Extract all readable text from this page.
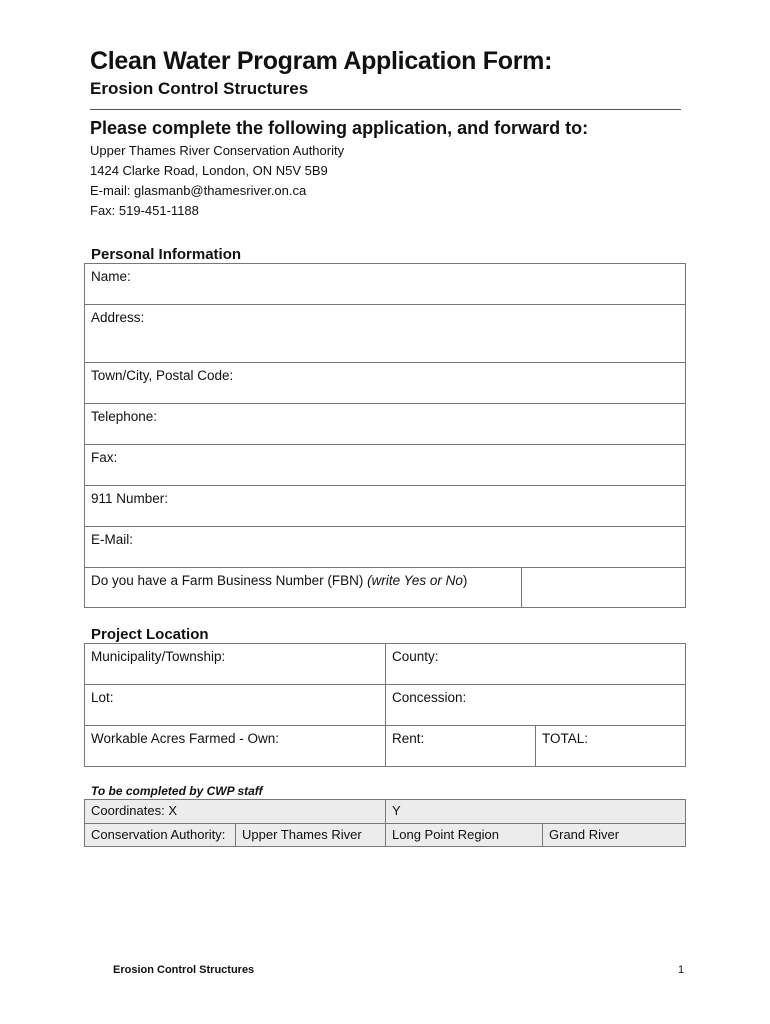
Clean Water Program Application Form:
Erosion Control Structures
Please complete the following application, and forward to:
Upper Thames River Conservation Authority
1424 Clarke Road, London, ON N5V 5B9
E-mail: glasmanb@thamesriver.on.ca
Fax: 519-451-1188
Personal Information
Name:
Address:
Town/City, Postal Code:
Telephone:
Fax:
911 Number:
E-Mail:
Do you have a Farm Business Number (FBN) (write Yes or No)	
Project Location
Municipality/Township:	County:	
Lot:	Concession:	
Workable Acres Farmed - Own:	Rent:	TOTAL:
To be completed by CWP staff
Coordinates: X		Y	
Conservation Authority:	Upper Thames River	Long Point Region	Grand River
Erosion Control Structures	1
